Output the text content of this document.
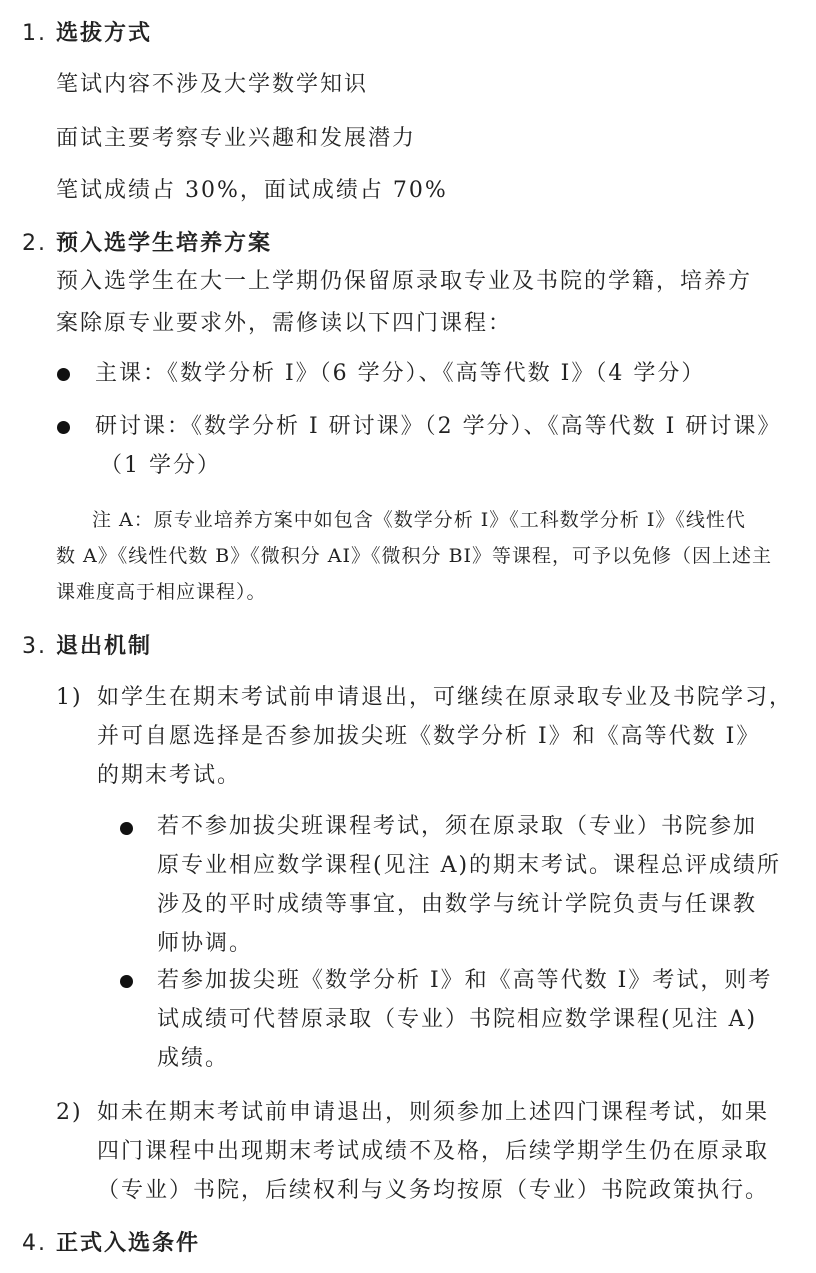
1. 选拔方式
笔试内容不涉及大学数学知识
面试主要考察专业兴趣和发展潜力
笔试成绩占 30%，面试成绩占 70%
2. 预入选学生培养方案
预入选学生在大一上学期仍保留原录取专业及书院的学籍，培养方
案除原专业要求外，需修读以下四门课程：
主课：《数学分析 I》（6 学分）、《高等代数 I》（4 学分）
研讨课：《数学分析 I 研讨课》（2 学分）、《高等代数 I 研讨课》
（1 学分）
注 A：原专业培养方案中如包含《数学分析 I》《工科数学分析 I》《线性代
数 A》《线性代数 B》《微积分 AI》《微积分 BI》等课程，可予以免修（因上述主
课难度高于相应课程）。
3. 退出机制
1) 如学生在期末考试前申请退出，可继续在原录取专业及书院学习，
并可自愿选择是否参加拔尖班《数学分析 I》和《高等代数 I》
的期末考试。
若不参加拔尖班课程考试，须在原录取（专业）书院参加
原专业相应数学课程(见注 A)的期末考试。课程总评成绩所
涉及的平时成绩等事宜，由数学与统计学院负责与任课教
师协调。
若参加拔尖班《数学分析 I》和《高等代数 I》考试，则考
试成绩可代替原录取（专业）书院相应数学课程(见注 A)
成绩。
2) 如未在期末考试前申请退出，则须参加上述四门课程考试，如果
四门课程中出现期末考试成绩不及格，后续学期学生仍在原录取
（专业）书院，后续权利与义务均按原（专业）书院政策执行。
4. 正式入选条件
